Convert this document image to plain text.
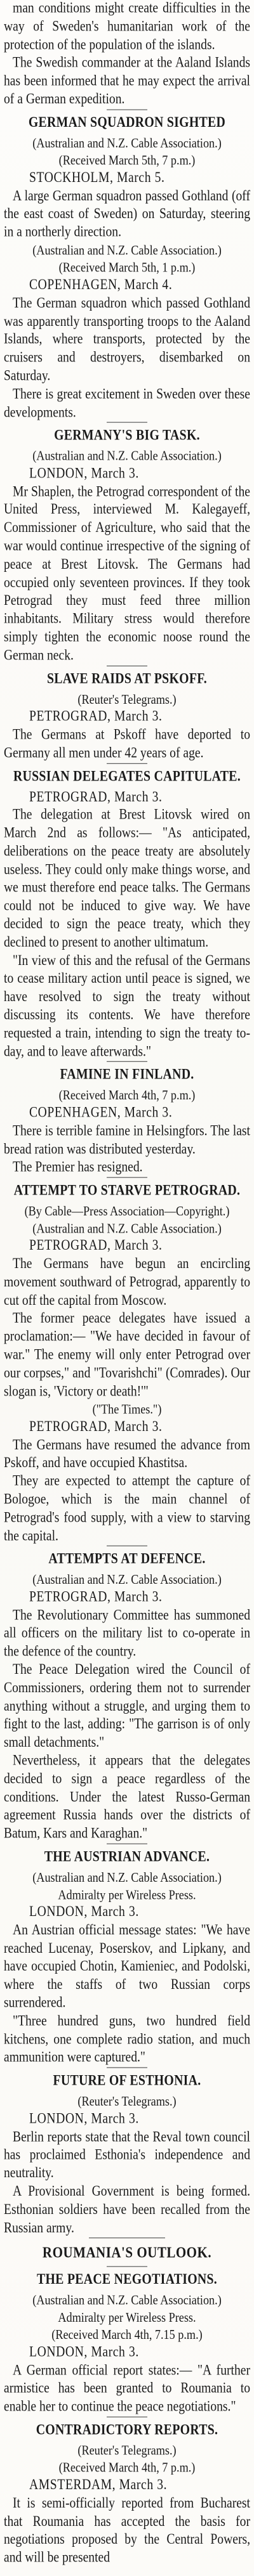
man conditions might create difficulties in the way of Sweden's humanitarian work of the protection of the population of the islands.

The Swedish commander at the Aaland Islands has been informed that he may expect the arrival of a German expedition.

GERMAN SQUADRON SIGHTED

(Australian and N.Z. Cable Association.)

(Received March 5th, 7 p.m.)

STOCKHOLM, March 5.

A large German squadron passed Gothland (off the east coast of Sweden) on Saturday, steering in a northerly direction.

(Australian and N.Z. Cable Association.)

(Received March 5th, 1 p.m.)

COPENHAGEN, March 4.

The German squadron which passed Gothland was apparently transporting troops to the Aaland Islands, where transports, protected by the cruisers and destroyers, disembarked on Saturday.

There is great excitement in Sweden over these developments.

GERMANY'S BIG TASK.

(Australian and N.Z. Cable Association.)

LONDON, March 3.

Mr Shaplen, the Petrograd correspondent of the United Press, interviewed M. Kalegayeff, Commissioner of Agriculture, who said that the war would continue irrespective of the signing of peace at Brest Litovsk. The Germans had occupied only seventeen provinces. If they took Petrograd they must feed three million inhabitants. Military stress would therefore simply tighten the economic noose round the German neck.

SLAVE RAIDS AT PSKOFF.

(Reuter's Telegrams.)

PETROGRAD, March 3.

The Germans at Pskoff have deported to Germany all men under 42 years of age.

RUSSIAN DELEGATES CAPITULATE.

PETROGRAD, March 3.

The delegation at Brest Litovsk wired on March 2nd as follows:— "As anticipated, deliberations on the peace treaty are absolutely useless. They could only make things worse, and we must therefore end peace talks. The Germans could not be induced to give way. We have decided to sign the peace treaty, which they declined to present to another ultimatum.

"In view of this and the refusal of the Germans to cease military action until peace is signed, we have resolved to sign the treaty without discussing its contents. We have therefore requested a train, intending to sign the treaty to-day, and to leave afterwards."

FAMINE IN FINLAND.

(Received March 4th, 7 p.m.)

COPENHAGEN, March 3.

There is terrible famine in Helsingfors. The last bread ration was distributed yesterday.

The Premier has resigned.

ATTEMPT TO STARVE PETROGRAD.

(By Cable—Press Association—Copyright.)

(Australian and N.Z. Cable Association.)

PETROGRAD, March 3.

The Germans have begun an encircling movement southward of Petrograd, apparently to cut off the capital from Moscow.

The former peace delegates have issued a proclamation:— "We have decided in favour of war." The enemy will only enter Petrograd over our corpses," and "Tovarishchi" (Comrades). Our slogan is, 'Victory or death!'"

("The Times.")

PETROGRAD, March 3.

The Germans have resumed the advance from Pskoff, and have occupied Khastitsa.

They are expected to attempt the capture of Bologoe, which is the main channel of Petrograd's food supply, with a view to starving the capital.

ATTEMPTS AT DEFENCE.

(Australian and N.Z. Cable Association.)

PETROGRAD, March 3.

The Revolutionary Committee has summoned all officers on the military list to co-operate in the defence of the country.

The Peace Delegation wired the Council of Commissioners, ordering them not to surrender anything without a struggle, and urging them to fight to the last, adding: "The garrison is of only small detachments."

Nevertheless, it appears that the delegates decided to sign a peace regardless of the conditions. Under the latest Russo-German agreement Russia hands over the districts of Batum, Kars and Karaghan."

THE AUSTRIAN ADVANCE.

(Australian and N.Z. Cable Association.)

Admiralty per Wireless Press.

LONDON, March 3.

An Austrian official message states: "We have reached Lucenay, Poserskov, and Lipkany, and have occupied Chotin, Kamieniec, and Podolski, where the staffs of two Russian corps surrendered.

"Three hundred guns, two hundred field kitchens, one complete radio station, and much ammunition were captured."

FUTURE OF ESTHONIA.

(Reuter's Telegrams.)

LONDON, March 3.

Berlin reports state that the Reval town council has proclaimed Esthonia's independence and neutrality.

A Provisional Government is being formed. Esthonian soldiers have been recalled from the Russian army.

ROUMANIA'S OUTLOOK.

THE PEACE NEGOTIATIONS.

(Australian and N.Z. Cable Association.)

Admiralty per Wireless Press.

(Received March 4th, 7.15 p.m.)

LONDON, March 3.

A German official report states:— "A further armistice has been granted to Roumania to enable her to continue the peace negotiations."

CONTRADICTORY REPORTS.

(Reuter's Telegrams.)

(Received March 4th, 7 p.m.)

AMSTERDAM, March 3.

It is semi-officially reported from Bucharest that Roumania has accepted the basis for negotiations proposed by the Central Powers, and will be presented
